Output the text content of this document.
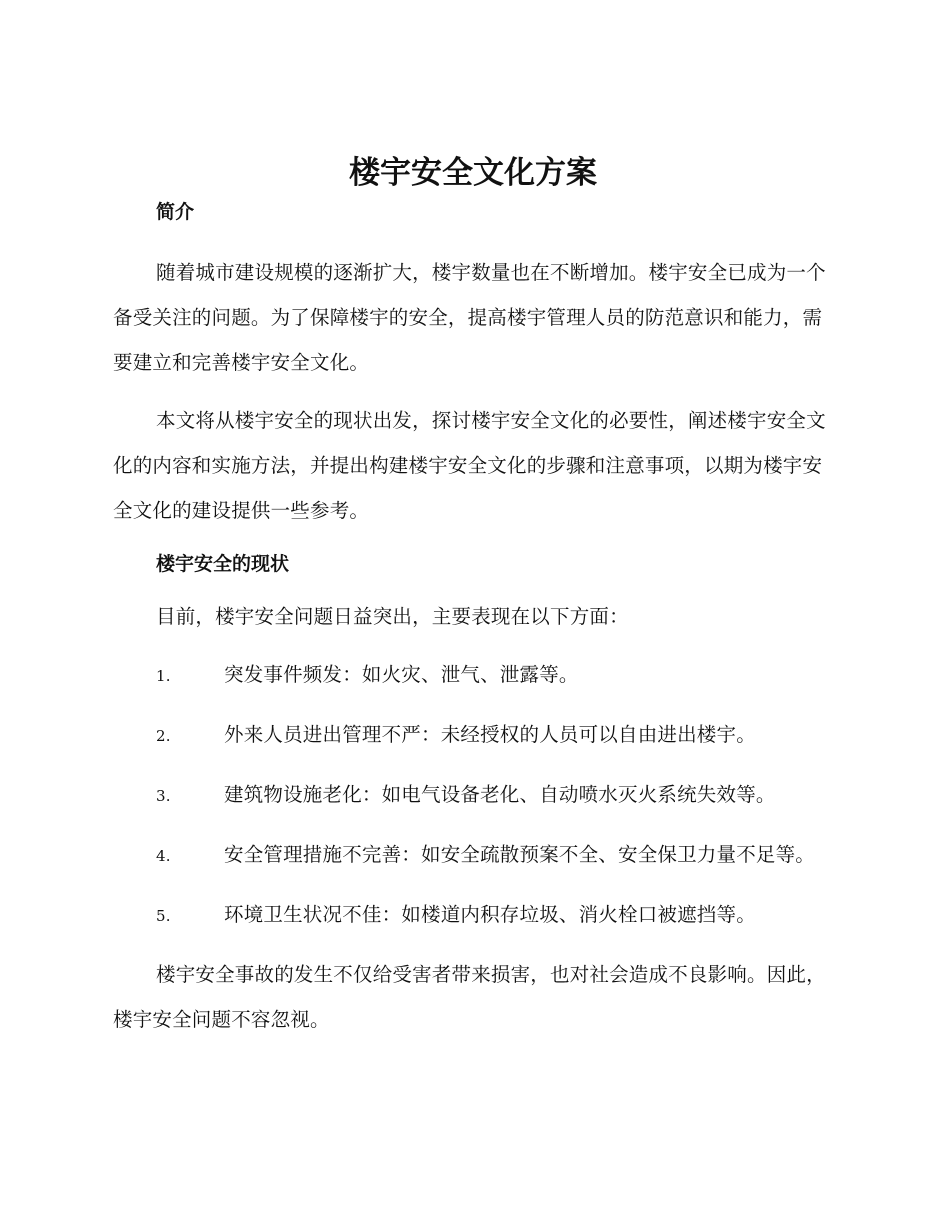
楼宇安全文化方案
简介

随着城市建设规模的逐渐扩大，楼宇数量也在不断增加。楼宇安全已成为一个备受关注的问题。为了保障楼宇的安全，提高楼宇管理人员的防范意识和能力，需要建立和完善楼宇安全文化。

本文将从楼宇安全的现状出发，探讨楼宇安全文化的必要性，阐述楼宇安全文化的内容和实施方法，并提出构建楼宇安全文化的步骤和注意事项，以期为楼宇安全文化的建设提供一些参考。

楼宇安全的现状

目前，楼宇安全问题日益突出，主要表现在以下方面：

1.	突发事件频发：如火灾、泄气、泄露等。

2.	外来人员进出管理不严：未经授权的人员可以自由进出楼宇。

3.	建筑物设施老化：如电气设备老化、自动喷水灭火系统失效等。

4.	安全管理措施不完善：如安全疏散预案不全、安全保卫力量不足等。

5.	环境卫生状况不佳：如楼道内积存垃圾、消火栓口被遮挡等。

楼宇安全事故的发生不仅给受害者带来损害，也对社会造成不良影响。因此，楼宇安全问题不容忽视。
